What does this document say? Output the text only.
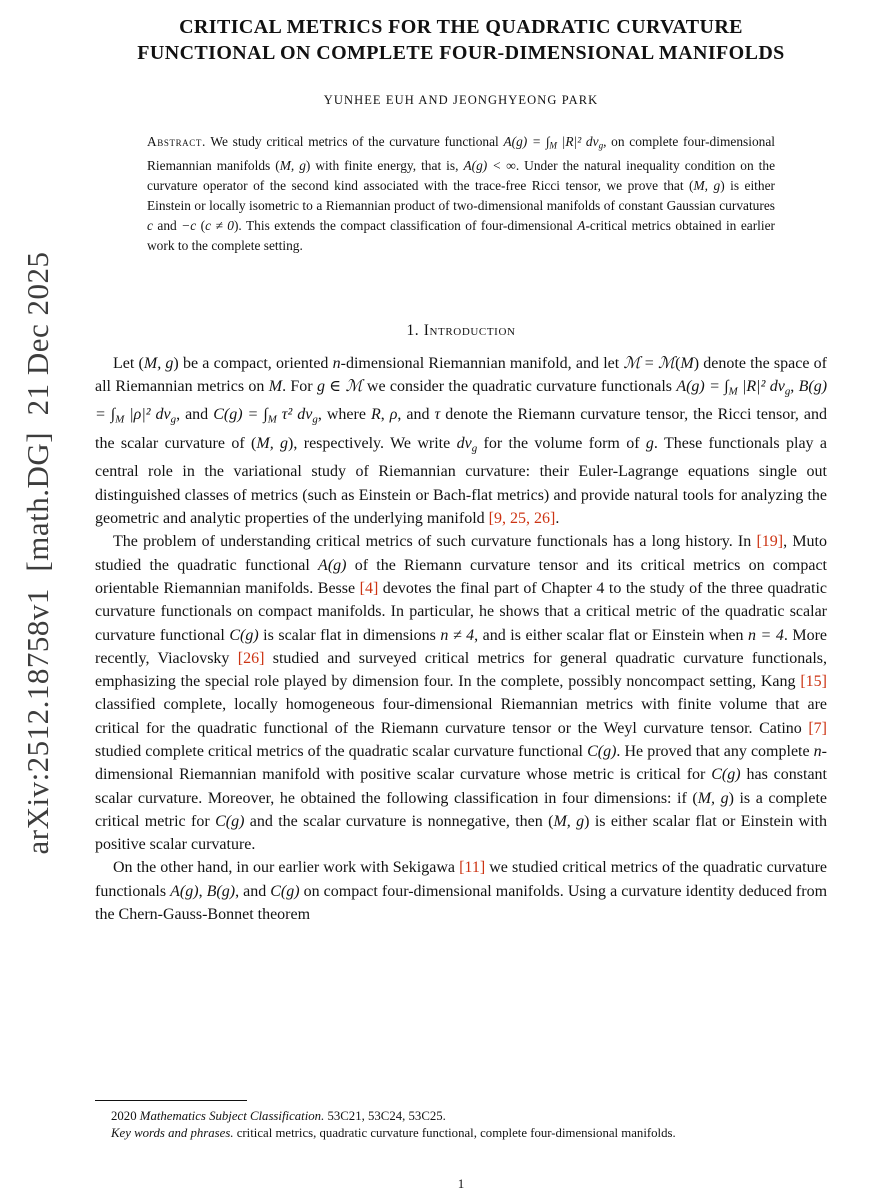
arXiv:2512.18758v1  [math.DG]  21 Dec 2025
CRITICAL METRICS FOR THE QUADRATIC CURVATURE
FUNCTIONAL ON COMPLETE FOUR-DIMENSIONAL MANIFOLDS
YUNHEE EUH AND JEONGHYEONG PARK
Abstract. We study critical metrics of the curvature functional $A(g) = \int_M$ |R|² $dv_g$, on complete four-dimensional Riemannian manifolds (M, g) with finite energy, that is, A(g) < ∞. Under the natural inequality condition on the curvature operator of the second kind associated with the trace-free Ricci tensor, we prove that (M, g) is either Einstein or locally isometric to a Riemannian product of two-dimensional manifolds of constant Gaussian curvatures c and −c (c ≠ 0). This extends the compact classification of four-dimensional A-critical metrics obtained in earlier work to the complete setting.
1. Introduction

Let (M, g) be a compact, oriented n-dimensional Riemannian manifold, and let ℳ = ℳ(M) denote the space of all Riemannian metrics on M. For g ∈ ℳ we consider the quadratic curvature functionals $A(g) = \int_M$ |R|² $dv_g$, $B(g) = \int_M$ |ρ|² $dv_g$, and $C(g) = \int_M$ τ² $dv_g$, where R, ρ, and τ denote the Riemann curvature tensor, the Ricci tensor, and the scalar curvature of (M, g), respectively. We write $dv_g$ for the volume form of g. These functionals play a central role in the variational study of Riemannian curvature: their Euler-Lagrange equations single out distinguished classes of metrics (such as Einstein or Bach-flat metrics) and provide natural tools for analyzing the geometric and analytic properties of the underlying manifold [9, 25, 26].

The problem of understanding critical metrics of such curvature functionals has a long history. In [19], Muto studied the quadratic functional A(g) of the Riemann curvature tensor and its critical metrics on compact orientable Riemannian manifolds. Besse [4] devotes the final part of Chapter 4 to the study of the three quadratic curvature functionals on compact manifolds. In particular, he shows that a critical metric of the quadratic scalar curvature functional C(g) is scalar flat in dimensions n ≠ 4, and is either scalar flat or Einstein when n = 4. More recently, Viaclovsky [26] studied and surveyed critical metrics for general quadratic curvature functionals, emphasizing the special role played by dimension four. In the complete, possibly noncompact setting, Kang [15] classified complete, locally homogeneous four-dimensional Riemannian metrics with finite volume that are critical for the quadratic functional of the Riemann curvature tensor or the Weyl curvature tensor. Catino [7] studied complete critical metrics of the quadratic scalar curvature functional C(g). He proved that any complete n-dimensional Riemannian manifold with positive scalar curvature whose metric is critical for C(g) has constant scalar curvature. Moreover, he obtained the following classification in four dimensions: if (M, g) is a complete critical metric for C(g) and the scalar curvature is nonnegative, then (M, g) is either scalar flat or Einstein with positive scalar curvature.

On the other hand, in our earlier work with Sekigawa [11] we studied critical metrics of the quadratic curvature functionals A(g), B(g), and C(g) on compact four-dimensional manifolds. Using a curvature identity deduced from the Chern-Gauss-Bonnet theorem

2020 Mathematics Subject Classification. 53C21, 53C24, 53C25.

Key words and phrases. critical metrics, quadratic curvature functional, complete four-dimensional manifolds.

1
